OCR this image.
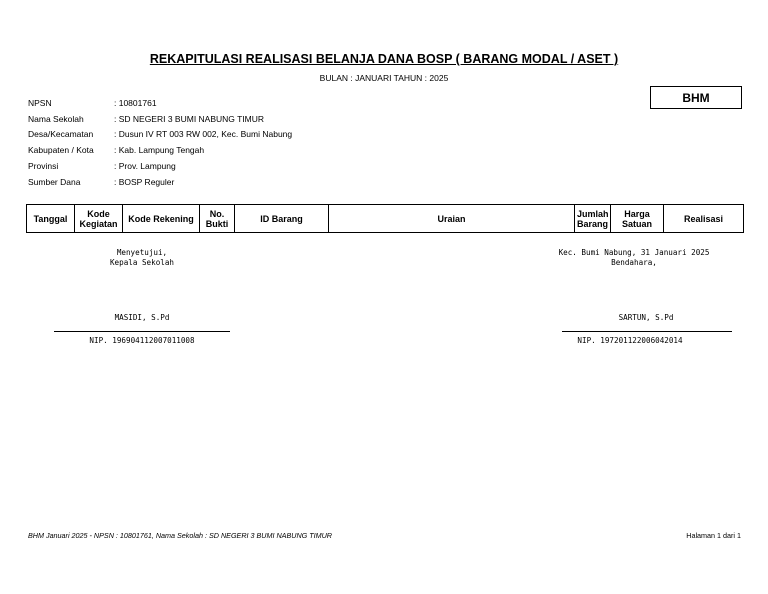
REKAPITULASI REALISASI BELANJA DANA BOSP ( BARANG MODAL / ASET )
BULAN : JANUARI TAHUN : 2025
NPSN	: 10801761
Nama Sekolah	: SD NEGERI 3 BUMI NABUNG TIMUR
Desa/Kecamatan	: Dusun IV RT 003 RW 002, Kec. Bumi Nabung
Kabupaten / Kota	: Kab. Lampung Tengah
Provinsi	: Prov. Lampung
Sumber Dana	: BOSP Reguler
BHM
Tanggal	Kode Kegiatan	Kode Rekening	No. Bukti	ID Barang	Uraian	Jumlah Barang	Harga Satuan	Realisasi
Menyetujui,
Kepala Sekolah
MASIDI, S.Pd
NIP. 196904112007011008
Kec. Bumi Nabung, 31 Januari 2025
Bendahara,
SARTUN, S.Pd
NIP. 197201122006042014
BHM Januari 2025 - NPSN : 10801761, Nama Sekolah : SD NEGERI 3 BUMI NABUNG TIMUR	Halaman 1 dari 1
